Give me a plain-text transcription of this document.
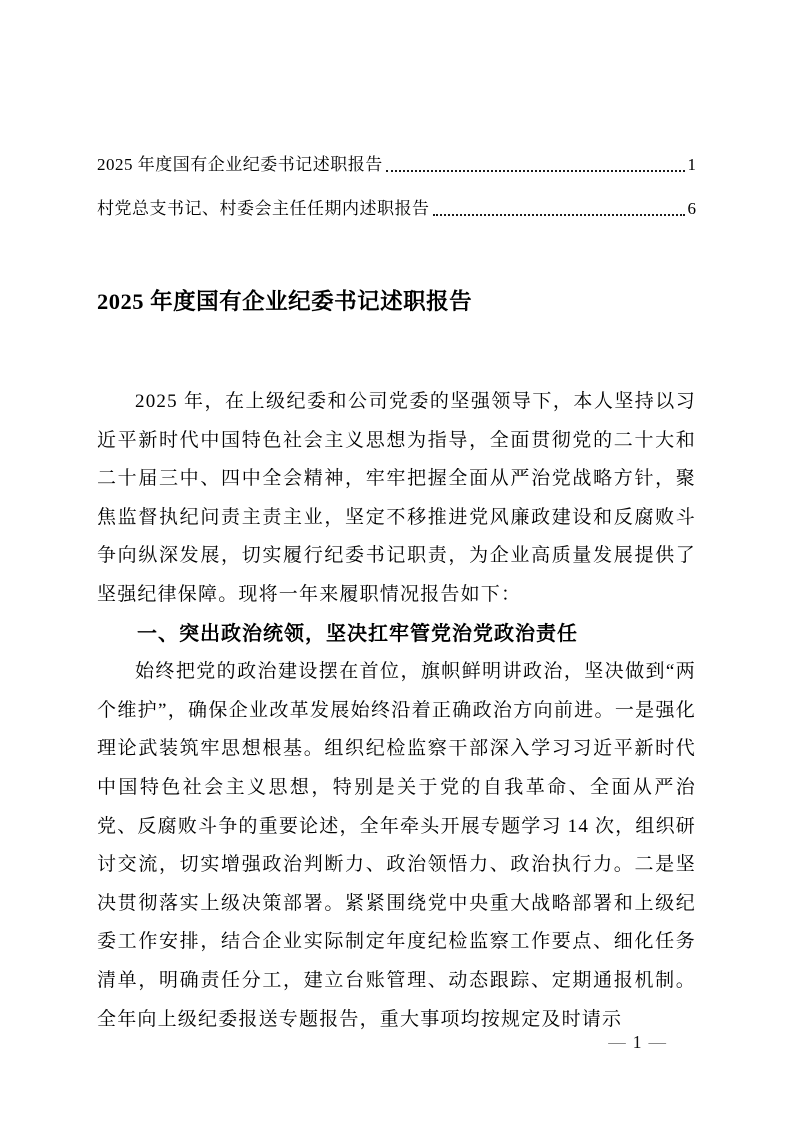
2025 年度国有企业纪委书记述职报告	1
村党总支书记、村委会主任任期内述职报告	6
2025 年度国有企业纪委书记述职报告

2025 年，在上级纪委和公司党委的坚强领导下，本人坚持以习近平新时代中国特色社会主义思想为指导，全面贯彻党的二十大和二十届三中、四中全会精神，牢牢把握全面从严治党战略方针，聚焦监督执纪问责主责主业，坚定不移推进党风廉政建设和反腐败斗争向纵深发展，切实履行纪委书记职责，为企业高质量发展提供了坚强纪律保障。现将一年来履职情况报告如下：

一、突出政治统领，坚决扛牢管党治党政治责任

始终把党的政治建设摆在首位，旗帜鲜明讲政治，坚决做到“两个维护”，确保企业改革发展始终沿着正确政治方向前进。一是强化理论武装筑牢思想根基。组织纪检监察干部深入学习习近平新时代中国特色社会主义思想，特别是关于党的自我革命、全面从严治党、反腐败斗争的重要论述，全年牵头开展专题学习 14 次，组织研讨交流，切实增强政治判断力、政治领悟力、政治执行力。二是坚决贯彻落实上级决策部署。紧紧围绕党中央重大战略部署和上级纪委工作安排，结合企业实际制定年度纪检监察工作要点、细化任务清单，明确责任分工，建立台账管理、动态跟踪、定期通报机制。全年向上级纪委报送专题报告，重大事项均按规定及时请示

— 1 —
